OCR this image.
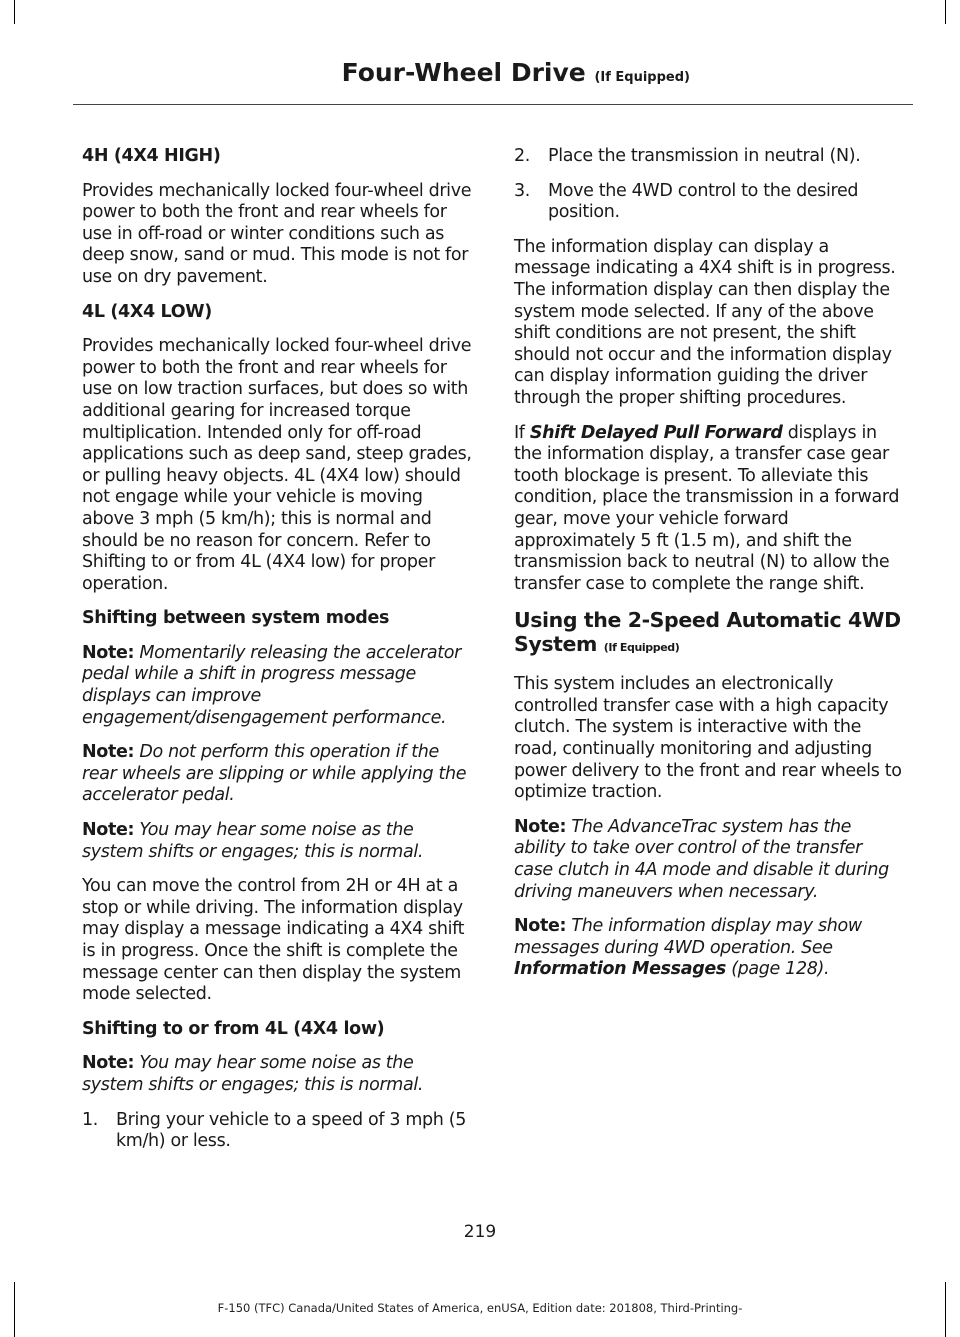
Four-Wheel Drive (If Equipped)
4H (4X4 HIGH)

Provides mechanically locked four-wheel drive power to both the front and rear wheels for use in off-road or winter conditions such as deep snow, sand or mud. This mode is not for use on dry pavement.

4L (4X4 LOW)

Provides mechanically locked four-wheel drive power to both the front and rear wheels for use on low traction surfaces, but does so with additional gearing for increased torque multiplication. Intended only for off-road applications such as deep sand, steep grades, or pulling heavy objects. 4L (4X4 low) should not engage while your vehicle is moving above 3 mph (5 km/h); this is normal and should be no reason for concern. Refer to Shifting to or from 4L (4X4 low) for proper operation.

Shifting between system modes

Note: Momentarily releasing the accelerator pedal while a shift in progress message displays can improve engagement/disengagement performance.

Note: Do not perform this operation if the rear wheels are slipping or while applying the accelerator pedal.

Note: You may hear some noise as the system shifts or engages; this is normal.

You can move the control from 2H or 4H at a stop or while driving. The information display may display a message indicating a 4X4 shift is in progress. Once the shift is complete the message center can then display the system mode selected.

Shifting to or from 4L (4X4 low)

Note: You may hear some noise as the system shifts or engages; this is normal.

1.	Bring your vehicle to a speed of 3 mph (5 km/h) or less.
2.	Place the transmission in neutral (N).
3.	Move the 4WD control to the desired position.

The information display can display a message indicating a 4X4 shift is in progress. The information display can then display the system mode selected. If any of the above shift conditions are not present, the shift should not occur and the information display can display information guiding the driver through the proper shifting procedures.

If Shift Delayed Pull Forward displays in the information display, a transfer case gear tooth blockage is present. To alleviate this condition, place the transmission in a forward gear, move your vehicle forward approximately 5 ft (1.5 m), and shift the transmission back to neutral (N) to allow the transfer case to complete the range shift.

Using the 2-Speed Automatic 4WD System (If Equipped)

This system includes an electronically controlled transfer case with a high capacity clutch. The system is interactive with the road, continually monitoring and adjusting power delivery to the front and rear wheels to optimize traction.

Note: The AdvanceTrac system has the ability to take over control of the transfer case clutch in 4A mode and disable it during driving maneuvers when necessary.

Note: The information display may show messages during 4WD operation. See Information Messages (page 128).

219
F-150 (TFC) Canada/United States of America, enUSA, Edition date: 201808, Third-Printing-
